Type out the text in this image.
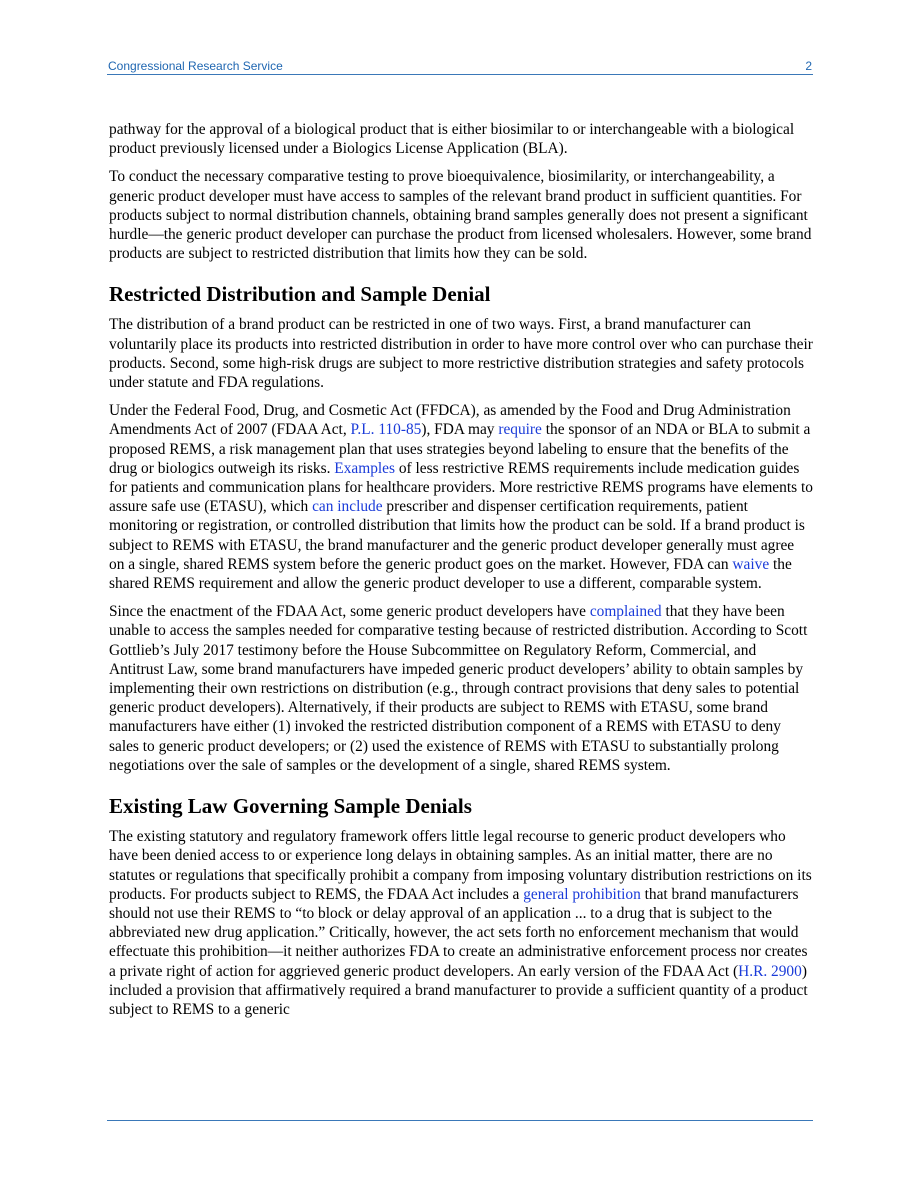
Congressional Research Service	2

pathway for the approval of a biological product that is either biosimilar to or interchangeable with a biological product previously licensed under a Biologics License Application (BLA).

To conduct the necessary comparative testing to prove bioequivalence, biosimilarity, or interchangeability, a generic product developer must have access to samples of the relevant brand product in sufficient quantities. For products subject to normal distribution channels, obtaining brand samples generally does not present a significant hurdle—the generic product developer can purchase the product from licensed wholesalers. However, some brand products are subject to restricted distribution that limits how they can be sold.

Restricted Distribution and Sample Denial

The distribution of a brand product can be restricted in one of two ways. First, a brand manufacturer can voluntarily place its products into restricted distribution in order to have more control over who can purchase their products. Second, some high-risk drugs are subject to more restrictive distribution strategies and safety protocols under statute and FDA regulations.

Under the Federal Food, Drug, and Cosmetic Act (FFDCA), as amended by the Food and Drug Administration Amendments Act of 2007 (FDAA Act, P.L. 110-85), FDA may require the sponsor of an NDA or BLA to submit a proposed REMS, a risk management plan that uses strategies beyond labeling to ensure that the benefits of the drug or biologics outweigh its risks. Examples of less restrictive REMS requirements include medication guides for patients and communication plans for healthcare providers. More restrictive REMS programs have elements to assure safe use (ETASU), which can include prescriber and dispenser certification requirements, patient monitoring or registration, or controlled distribution that limits how the product can be sold. If a brand product is subject to REMS with ETASU, the brand manufacturer and the generic product developer generally must agree on a single, shared REMS system before the generic product goes on the market. However, FDA can waive the shared REMS requirement and allow the generic product developer to use a different, comparable system.

Since the enactment of the FDAA Act, some generic product developers have complained that they have been unable to access the samples needed for comparative testing because of restricted distribution. According to Scott Gottlieb’s July 2017 testimony before the House Subcommittee on Regulatory Reform, Commercial, and Antitrust Law, some brand manufacturers have impeded generic product developers’ ability to obtain samples by implementing their own restrictions on distribution (e.g., through contract provisions that deny sales to potential generic product developers). Alternatively, if their products are subject to REMS with ETASU, some brand manufacturers have either (1) invoked the restricted distribution component of a REMS with ETASU to deny sales to generic product developers; or (2) used the existence of REMS with ETASU to substantially prolong negotiations over the sale of samples or the development of a single, shared REMS system.

Existing Law Governing Sample Denials

The existing statutory and regulatory framework offers little legal recourse to generic product developers who have been denied access to or experience long delays in obtaining samples. As an initial matter, there are no statutes or regulations that specifically prohibit a company from imposing voluntary distribution restrictions on its products. For products subject to REMS, the FDAA Act includes a general prohibition that brand manufacturers should not use their REMS to “to block or delay approval of an application ... to a drug that is subject to the abbreviated new drug application.” Critically, however, the act sets forth no enforcement mechanism that would effectuate this prohibition—it neither authorizes FDA to create an administrative enforcement process nor creates a private right of action for aggrieved generic product developers. An early version of the FDAA Act (H.R. 2900) included a provision that affirmatively required a brand manufacturer to provide a sufficient quantity of a product subject to REMS to a generic
